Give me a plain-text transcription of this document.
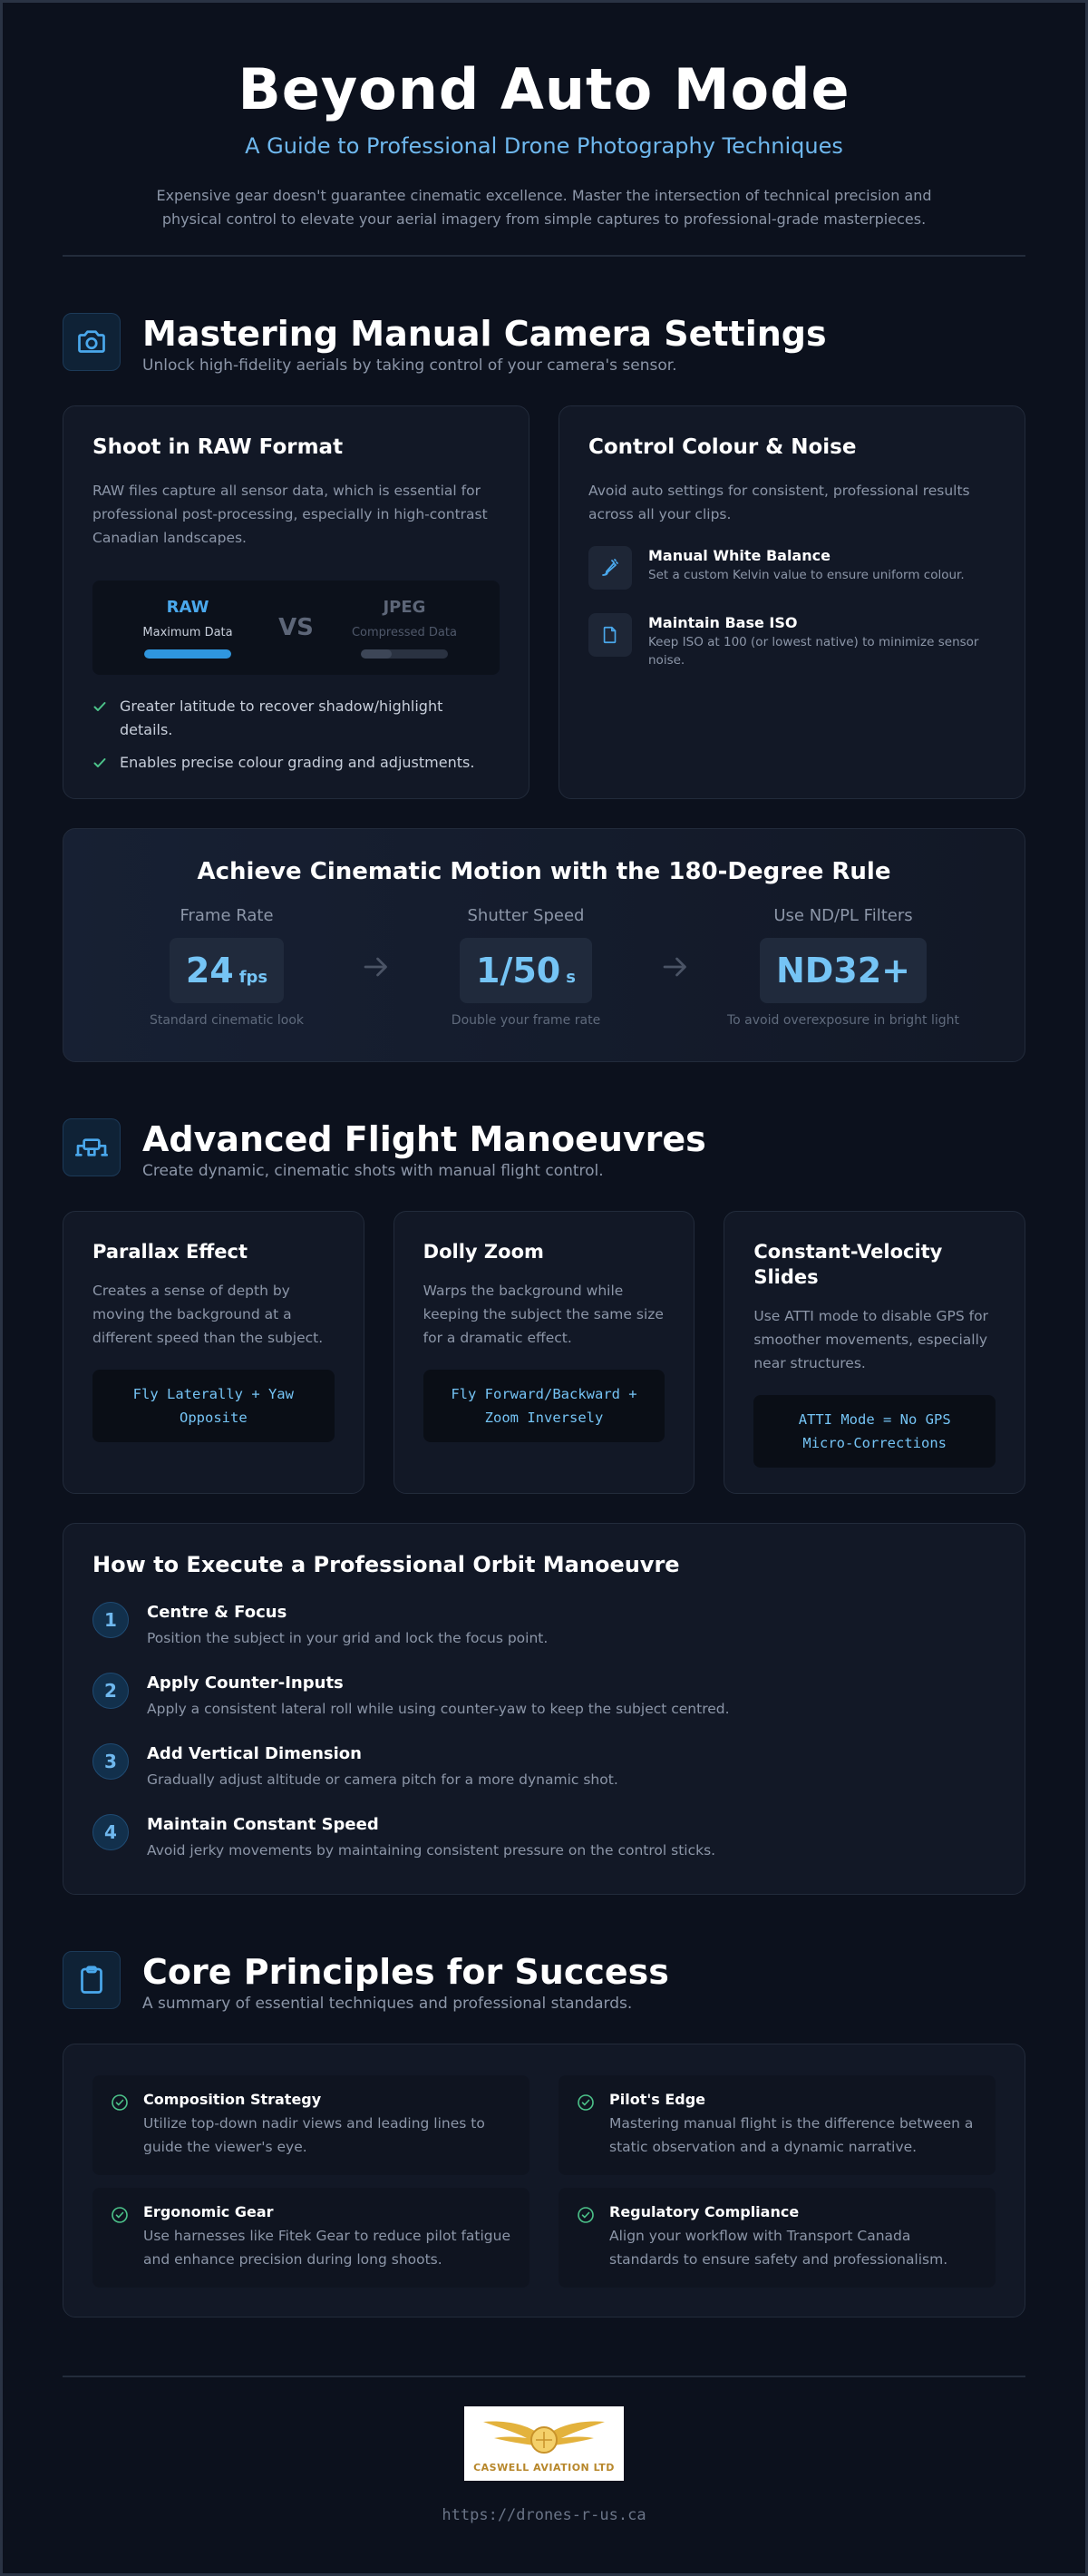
Beyond Auto Mode
A Guide to Professional Drone Photography Techniques

Expensive gear doesn't guarantee cinematic excellence. Master the intersection of technical precision and physical control to elevate your aerial imagery from simple captures to professional-grade masterpieces.

Mastering Manual Camera Settings

Unlock high-fidelity aerials by taking control of your camera's sensor.

Shoot in RAW Format
RAW files capture all sensor data, which is essential for professional post-processing, especially in high-contrast Canadian landscapes.
RAW
Maximum Data	VS
JPEG
Compressed Data
Greater latitude to recover shadow/highlight details.
Enables precise colour grading and adjustments.
Control Colour & Noise
Avoid auto settings for consistent, professional results across all your clips.
Manual White Balance
Set a custom Kelvin value to ensure uniform colour.
Maintain Base ISO
Keep ISO at 100 (or lowest native) to minimize sensor noise.
Achieve Cinematic Motion with the 180-Degree Rule
Frame Rate
24 fps
Standard cinematic look
Shutter Speed
1/50 s
Double your frame rate
Use ND/PL Filters
ND32+
To avoid overexposure in bright light
Advanced Flight Manoeuvres

Create dynamic, cinematic shots with manual flight control.

Parallax Effect
Creates a sense of depth by moving the background at a different speed than the subject.
Fly Laterally + Yaw
Opposite
Dolly Zoom
Warps the background while keeping the subject the same size for a dramatic effect.
Fly Forward/Backward +
Zoom Inversely
Constant-Velocity
Slides
Use ATTI mode to disable GPS for smoother movements, especially near structures.
ATTI Mode = No GPS
Micro-Corrections
How to Execute a Professional Orbit Manoeuvre
1	Centre & Focus
Position the subject in your grid and lock the focus point.
2	Apply Counter-Inputs
Apply a consistent lateral roll while using counter-yaw to keep the subject centred.
3	Add Vertical Dimension
Gradually adjust altitude or camera pitch for a more dynamic shot.
4	Maintain Constant Speed
Avoid jerky movements by maintaining consistent pressure on the control sticks.
Core Principles for Success

A summary of essential techniques and professional standards.

Composition Strategy
Utilize top-down nadir views and leading lines to guide the viewer's eye.
Pilot's Edge
Mastering manual flight is the difference between a static observation and a dynamic narrative.
Ergonomic Gear
Use harnesses like Fitek Gear to reduce pilot fatigue and enhance precision during long shoots.
Regulatory Compliance
Align your workflow with Transport Canada standards to ensure safety and professionalism.
CASWELL AVIATION LTD
https://drones-r-us.ca
